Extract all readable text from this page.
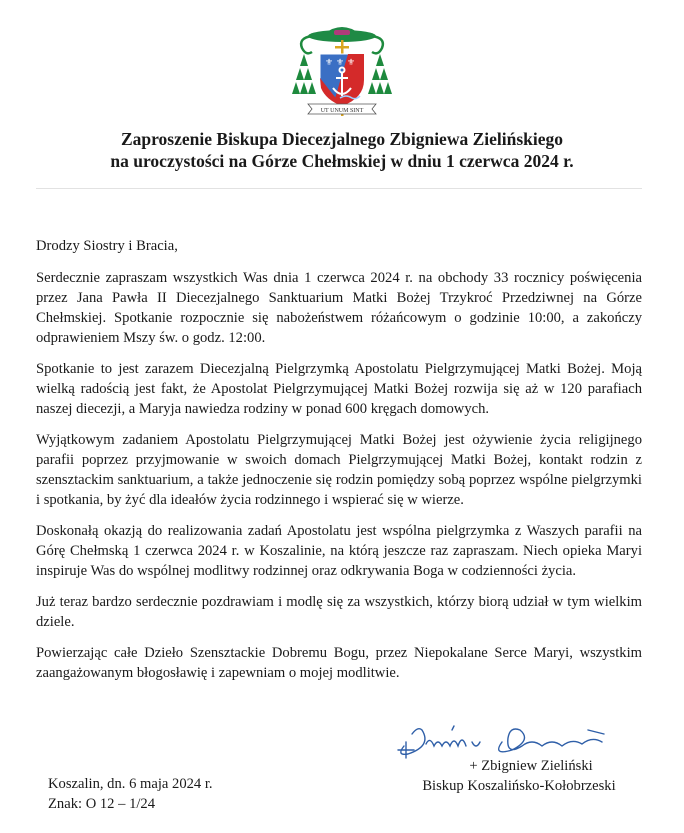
⚜ ⚜ ⚜
UT UNUM SINT
Zaproszenie Biskupa Diecezjalnego Zbigniewa Zielińskiego
na uroczystości na Górze Chełmskiej w dniu 1 czerwca 2024 r.

Drodzy Siostry i Bracia,

Serdecznie zapraszam wszystkich Was dnia 1 czerwca 2024 r. na obchody 33 rocznicy poświęcenia przez Jana Pawła II Diecezjalnego Sanktuarium Matki Bożej Trzykroć Przedziwnej na Górze Chełmskiej. Spotkanie rozpocznie się nabożeństwem różańcowym o godzinie 10:00, a zakończy odprawieniem Mszy św. o godz. 12:00.

Spotkanie to jest zarazem Diecezjalną Pielgrzymką Apostolatu Pielgrzymującej Matki Bożej. Moją wielką radością jest fakt, że Apostolat Pielgrzymującej Matki Bożej rozwija się aż w 120 parafiach naszej diecezji, a Maryja nawiedza rodziny w ponad 600 kręgach domowych.

Wyjątkowym zadaniem Apostolatu Pielgrzymującej Matki Bożej jest ożywienie życia religijnego parafii poprzez przyjmowanie w swoich domach Pielgrzymującej Matki Bożej, kontakt rodzin z szensztackim sanktuarium, a także jednoczenie się rodzin pomiędzy sobą poprzez wspólne pielgrzymki i spotkania, by żyć dla ideałów życia rodzinnego i wspierać się w wierze.

Doskonałą okazją do realizowania zadań Apostolatu jest wspólna pielgrzymka z Waszych parafii na Górę Chełmską 1 czerwca 2024 r. w Koszalinie, na którą jeszcze raz zapraszam. Niech opieka Maryi inspiruje Was do wspólnej modlitwy rodzinnej oraz odkrywania Boga w codzienności życia.

Już teraz bardzo serdecznie pozdrawiam i modlę się za wszystkich, którzy biorą udział w tym wielkim dziele.

Powierzając całe Dzieło Szensztackie Dobremu Bogu, przez Niepokalane Serce Maryi, wszystkim zaangażowanym błogosławię i zapewniam o mojej modlitwie.

+ Zbigniew Zieliński
Biskup Koszalińsko-Kołobrzeski
Koszalin, dn. 6 maja 2024 r.
Znak: O 12 – 1/24
